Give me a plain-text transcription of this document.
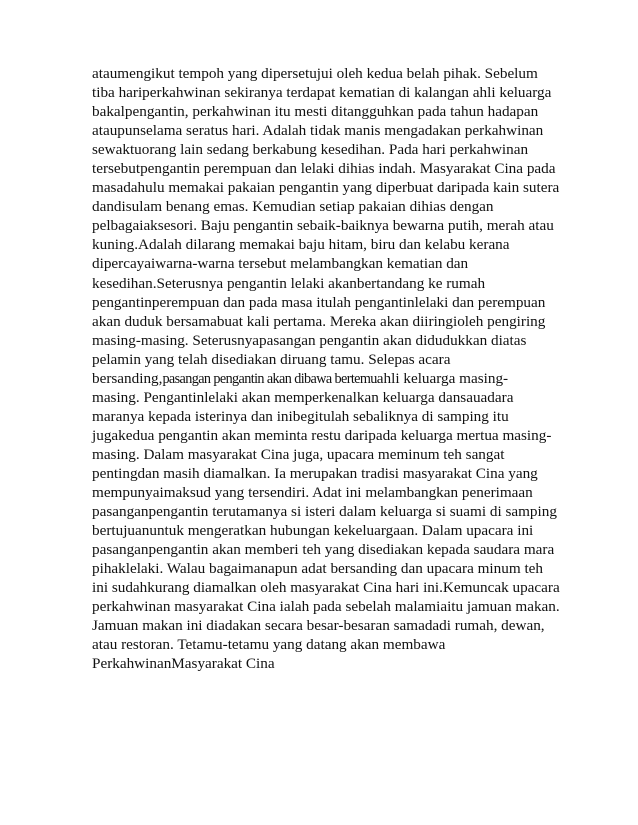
ataumengikut tempoh yang dipersetujui oleh kedua belah pihak. Sebelum
tiba hariperkahwinan sekiranya terdapat kematian di kalangan ahli keluarga
bakalpengantin, perkahwinan itu mesti ditangguhkan pada tahun hadapan
ataupunselama seratus hari. Adalah tidak manis mengadakan perkahwinan
sewaktuorang lain sedang berkabung kesedihan. Pada hari perkahwinan
tersebutpengantin perempuan dan lelaki dihias indah. Masyarakat Cina pada
masadahulu memakai pakaian pengantin yang diperbuat daripada kain sutera
dandisulam benang emas. Kemudian setiap pakaian dihias dengan
pelbagaiaksesori. Baju pengantin sebaik-baiknya bewarna putih, merah atau
kuning.Adalah dilarang memakai baju hitam, biru dan kelabu kerana
dipercayaiwarna-warna tersebut melambangkan kematian dan
kesedihan.Seterusnya pengantin lelaki akanbertandang ke rumah
pengantinperempuan dan pada masa itulah pengantinlelaki dan perempuan
akan duduk bersamabuat kali pertama. Mereka akan diiringioleh pengiring
masing-masing. Seterusnyapasangan pengantin akan didudukkan diatas
pelamin yang telah disediakan diruang tamu. Selepas acara
bersanding,pasangan pengantin akan dibawa bertemuahli keluarga masing-
masing. Pengantinlelaki akan memperkenalkan keluarga dansauadara
maranya kepada isterinya dan inibegitulah sebaliknya di samping itu
jugakedua pengantin akan meminta restu daripada keluarga mertua masing-
masing. Dalam masyarakat Cina juga, upacara meminum teh sangat
pentingdan masih diamalkan. Ia merupakan tradisi masyarakat Cina yang
mempunyaimaksud yang tersendiri. Adat ini melambangkan penerimaan
pasanganpengantin terutamanya si isteri dalam keluarga si suami di samping
bertujuanuntuk mengeratkan hubungan kekeluargaan. Dalam upacara ini
pasanganpengantin akan memberi teh yang disediakan kepada saudara mara
pihaklelaki. Walau bagaimanapun adat bersanding dan upacara minum teh
ini sudahkurang diamalkan oleh masyarakat Cina hari ini.Kemuncak upacara
perkahwinan masyarakat Cina ialah pada sebelah malamiaitu jamuan makan.
Jamuan makan ini diadakan secara besar-besaran samadadi rumah, dewan,
atau restoran. Tetamu-tetamu yang datang akan membawa
PerkahwinanMasyarakat Cina
